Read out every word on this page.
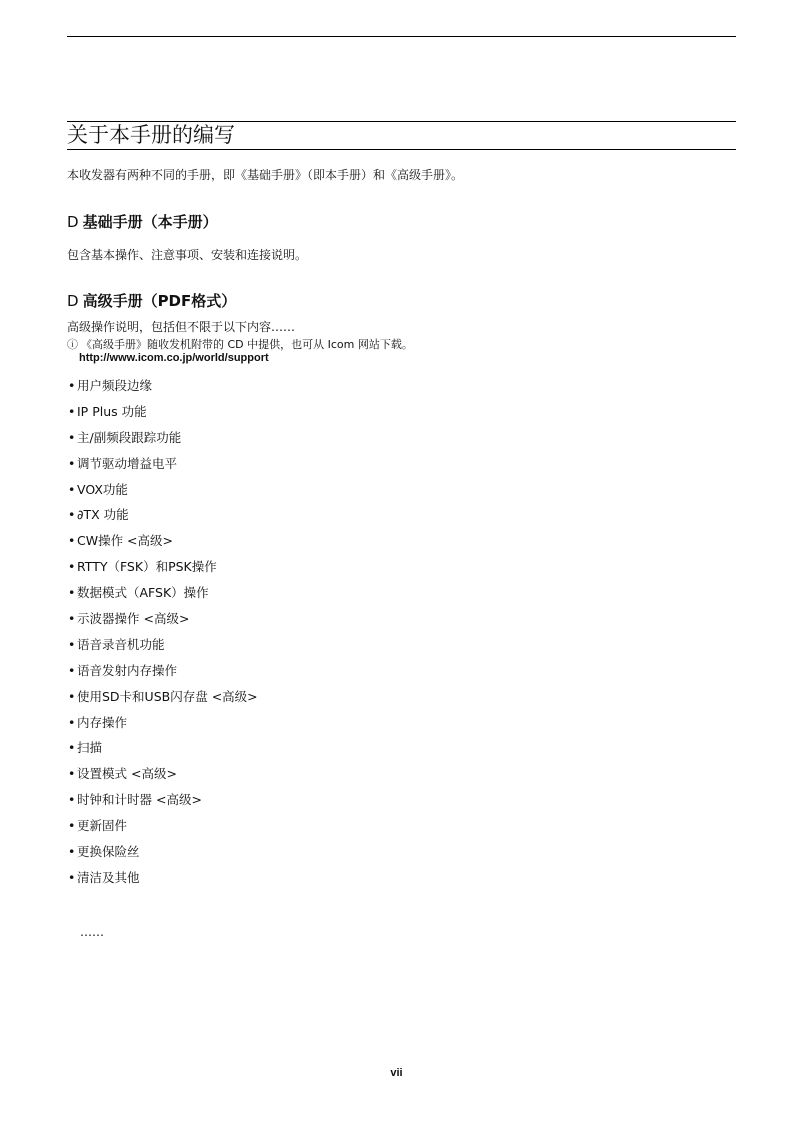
关于本手册的编写
本收发器有两种不同的手册，即《基础手册》（即本手册）和《高级手册》。
D 基础手册（本手册）
包含基本操作、注意事项、安装和连接说明。
D 高级手册（PDF格式）
高级操作说明，包括但不限于以下内容……
ⓘ 《高级手册》随收发机附带的 CD 中提供，也可从 Icom 网站下载。
http://www.icom.co.jp/world/support
• 用户频段边缘
• IP Plus 功能
• 主/副频段跟踪功能
• 调节驱动增益电平
• VOX功能
• ∂TX 功能
• CW操作 <高级>
• RTTY（FSK）和PSK操作
• 数据模式（AFSK）操作
• 示波器操作 <高级>
• 语音录音机功能
• 语音发射内存操作
• 使用SD卡和USB闪存盘 <高级>
• 内存操作
• 扫描
• 设置模式 <高级>
• 时钟和计时器 <高级>
• 更新固件
• 更换保险丝
• 清洁及其他
……
vii
